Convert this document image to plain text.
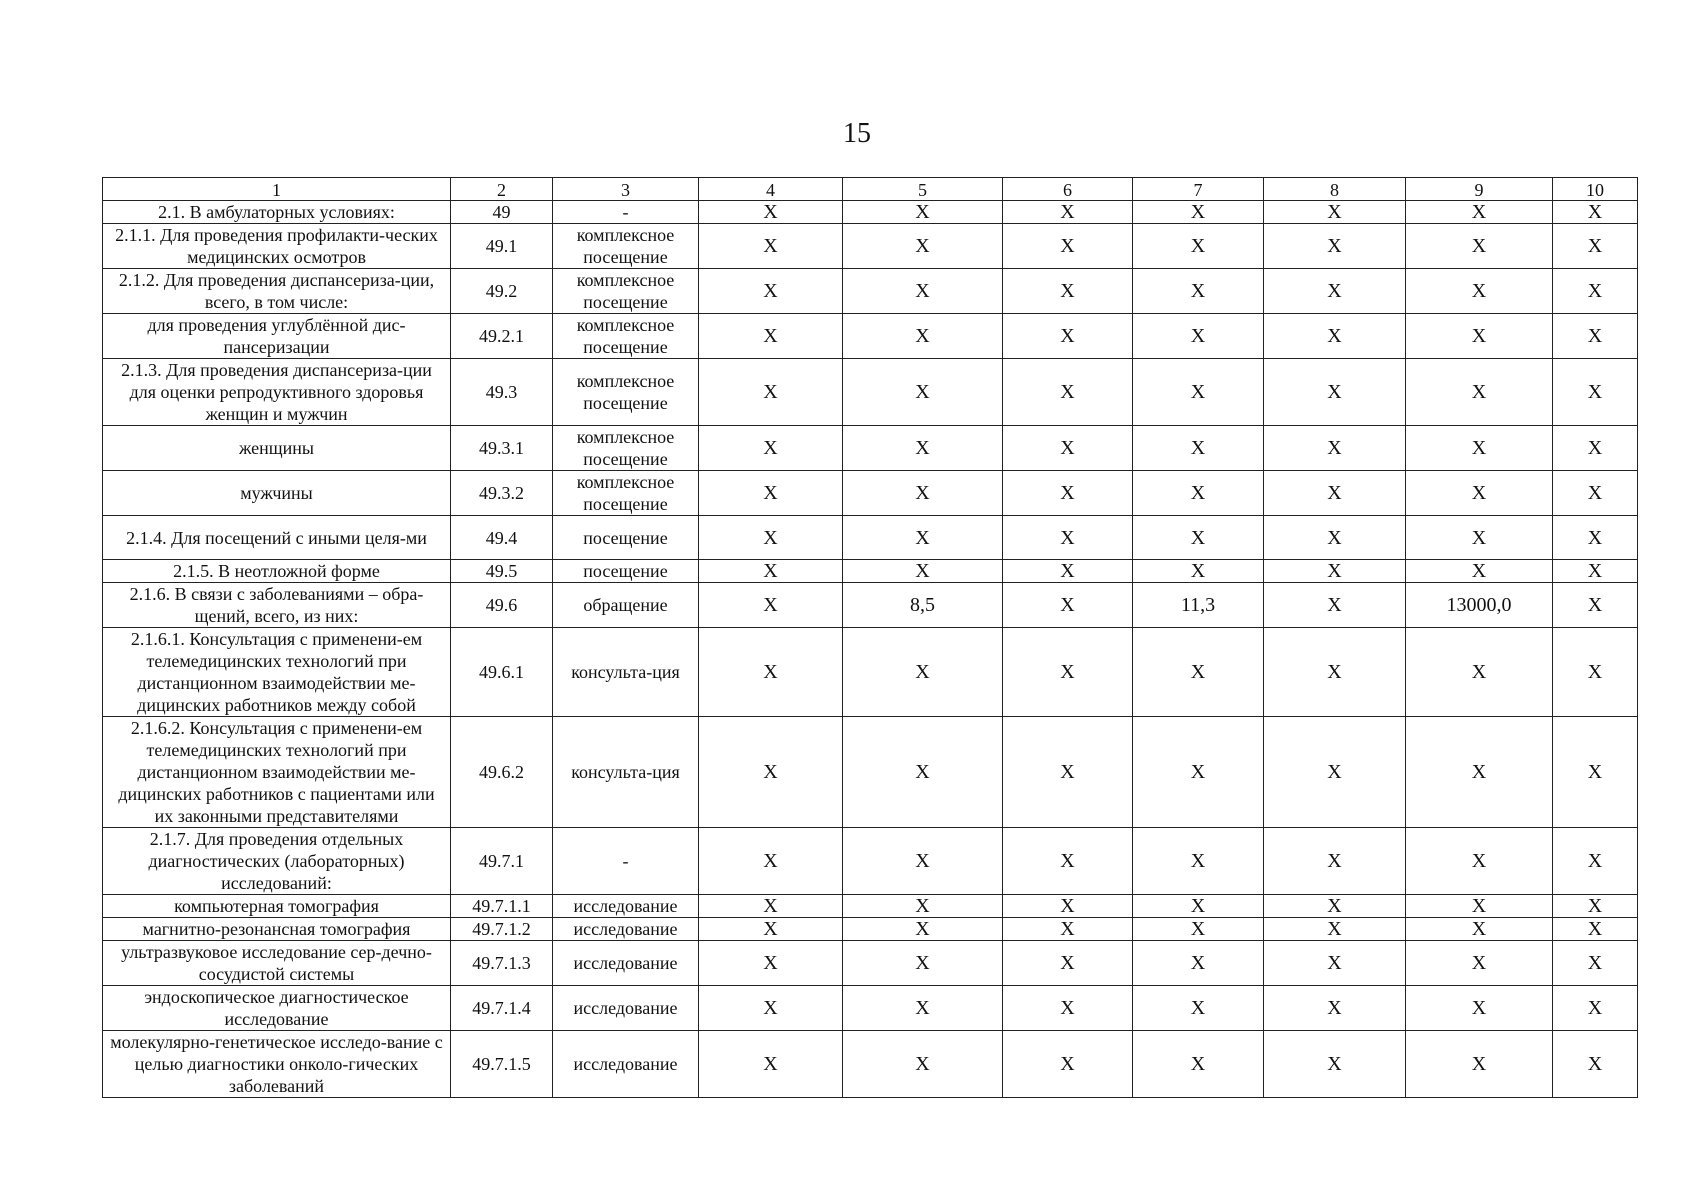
15
1	2	3	4	5	6	7	8	9	10
2.1. В амбулаторных условиях:	49	-	X	X	X	X	X	X	X
2.1.1. Для проведения профилакти-ческих медицинских осмотров	49.1	комплексное посещение	X	X	X	X	X	X	X
2.1.2. Для проведения диспансериза-ции, всего, в том числе:	49.2	комплексное посещение	X	X	X	X	X	X	X
для проведения углублённой дис-пансеризации	49.2.1	комплексное посещение	X	X	X	X	X	X	X
2.1.3. Для проведения диспансериза-ции для оценки репродуктивного здоровья женщин и мужчин	49.3	комплексное посещение	X	X	X	X	X	X	X
женщины	49.3.1	комплексное посещение	X	X	X	X	X	X	X
мужчины	49.3.2	комплексное посещение	X	X	X	X	X	X	X
2.1.4. Для посещений с иными целя-ми	49.4	посещение	X	X	X	X	X	X	X
2.1.5. В неотложной форме	49.5	посещение	X	X	X	X	X	X	X
2.1.6. В связи с заболеваниями – обра-щений, всего, из них:	49.6	обращение	X	8,5	X	11,3	X	13000,0	X
2.1.6.1. Консультация с применени-ем телемедицинских технологий при дистанционном взаимодействии ме-дицинских работников между собой	49.6.1	консульта-ция	X	X	X	X	X	X	X
2.1.6.2. Консультация с применени-ем телемедицинских технологий при дистанционном взаимодействии ме-дицинских работников с пациентами или их законными представителями	49.6.2	консульта-ция	X	X	X	X	X	X	X
2.1.7. Для проведения отдельных диагностических (лабораторных) исследований:	49.7.1	-	X	X	X	X	X	X	X
компьютерная томография	49.7.1.1	исследование	X	X	X	X	X	X	X
магнитно-резонансная томография	49.7.1.2	исследование	X	X	X	X	X	X	X
ультразвуковое исследование сер-дечно-сосудистой системы	49.7.1.3	исследование	X	X	X	X	X	X	X
эндоскопическое диагностическое исследование	49.7.1.4	исследование	X	X	X	X	X	X	X
молекулярно-генетическое исследо-вание с целью диагностики онколо-гических заболеваний	49.7.1.5	исследование	X	X	X	X	X	X	X
